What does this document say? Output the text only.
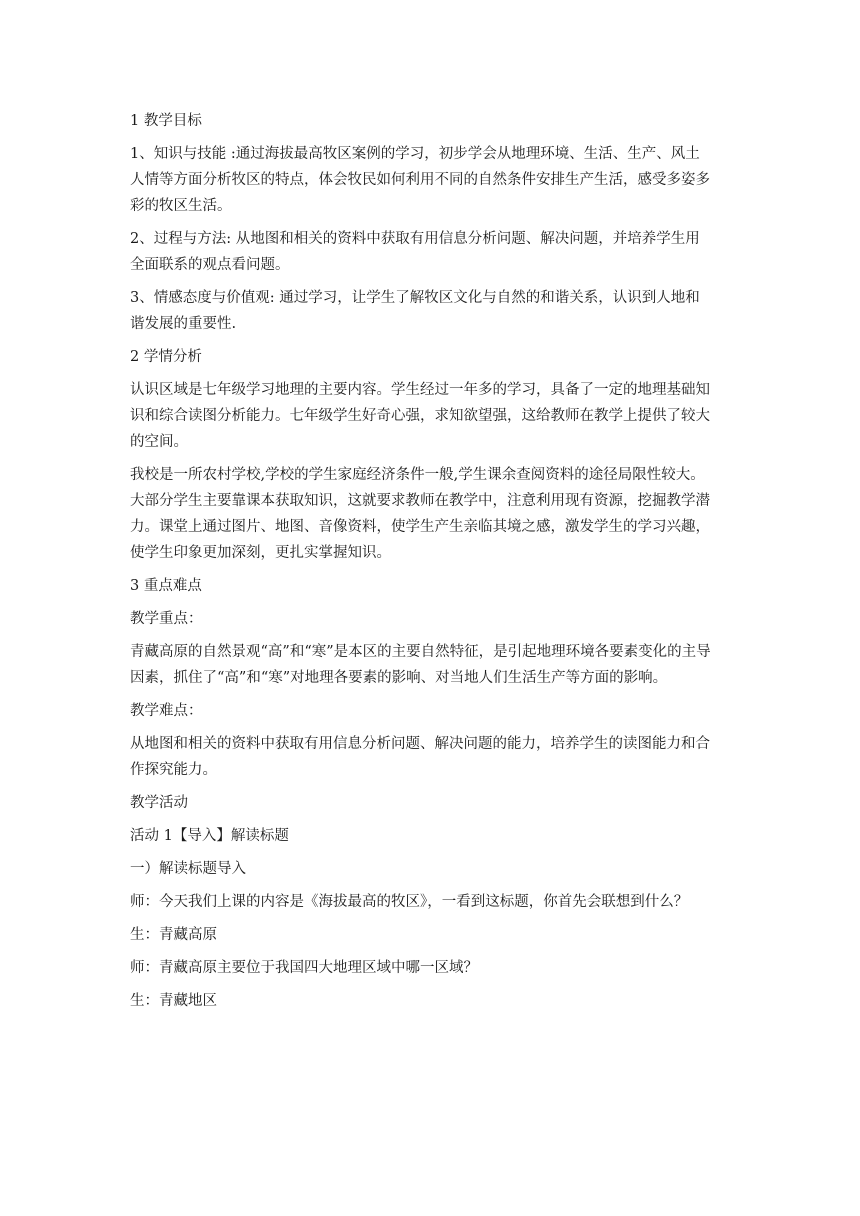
1 教学目标

1、知识与技能 :通过海拔最高牧区案例的学习，初步学会从地理环境、生活、生产、风土

人情等方面分析牧区的特点，体会牧民如何利用不同的自然条件安排生产生活，感受多姿多

彩的牧区生活。

2、过程与方法: 从地图和相关的资料中获取有用信息分析问题、解决问题，并培养学生用

全面联系的观点看问题。

3、情感态度与价值观: 通过学习，让学生了解牧区文化与自然的和谐关系，认识到人地和

谐发展的重要性.

2 学情分析

认识区域是七年级学习地理的主要内容。学生经过一年多的学习，具备了一定的地理基础知

识和综合读图分析能力。七年级学生好奇心强，求知欲望强，这给教师在教学上提供了较大

的空间。

我校是一所农村学校,学校的学生家庭经济条件一般,学生课余查阅资料的途径局限性较大。

大部分学生主要靠课本获取知识，这就要求教师在教学中，注意利用现有资源，挖掘教学潜

力。课堂上通过图片、地图、音像资料，使学生产生亲临其境之感，激发学生的学习兴趣，

使学生印象更加深刻，更扎实掌握知识。

3 重点难点

教学重点：

青藏高原的自然景观“高”和“寒”是本区的主要自然特征，是引起地理环境各要素变化的主导

因素，抓住了“高”和“寒”对地理各要素的影响、对当地人们生活生产等方面的影响。

教学难点：

从地图和相关的资料中获取有用信息分析问题、解决问题的能力，培养学生的读图能力和合

作探究能力。

教学活动

活动 1【导入】解读标题

一）解读标题导入

师：今天我们上课的内容是《海拔最高的牧区》，一看到这标题，你首先会联想到什么？

生：青藏高原

师：青藏高原主要位于我国四大地理区域中哪一区域？

生：青藏地区
